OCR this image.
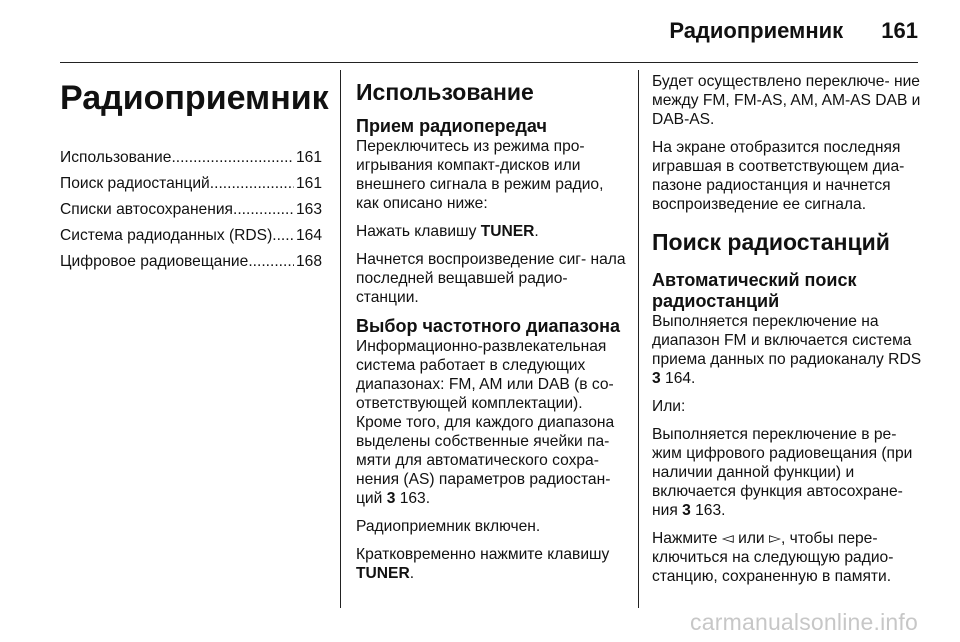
Радиоприемник 161
Радиоприемник
Использование .....	161
Поиск радиостанций .....	161
Списки автосохранения .....	163
Система радиоданных (RDS) ..... 164
Цифровое радиовещание .....	168
Использование
Прием радиопередач

Переключитесь из режима про- игрывания компакт-дисков или внешнего сигнала в режим радио, как описано ниже:

Нажать клавишу TUNER.

Начнется воспроизведение сиг- нала последней вещавшей радио- станции.

Выбор частотного диапазона

Информационно-развлекательная система работает в следующих диапазонах: FM, AM или DAB (в со- ответствующей комплектации). Кроме того, для каждого диапазона выделены собственные ячейки па- мяти для автоматического сохра- нения (AS) параметров радиостан- ций 3 163.

Радиоприемник включен.

Кратковременно нажмите клавишу TUNER.

Будет осуществлено переключе- ние между FM, FM-AS, AM, AM-AS DAB и DAB-AS.

На экране отобразится последняя игравшая в соответствующем диа- пазоне радиостанция и начнется воспроизведение ее сигнала.

Поиск радиостанций
Автоматический поиск радиостанций

Выполняется переключение на диапазон FM и включается система приема данных по радиоканалу RDS 3 164.

Или:

Выполняется переключение в ре- жим цифрового радиовещания (при наличии данной функции) и включается функция автосохране- ния 3 163.

Нажмите ◅ или ▻, чтобы пере- ключиться на следующую радио- станцию, сохраненную в памяти.

carmanualsonline.info
